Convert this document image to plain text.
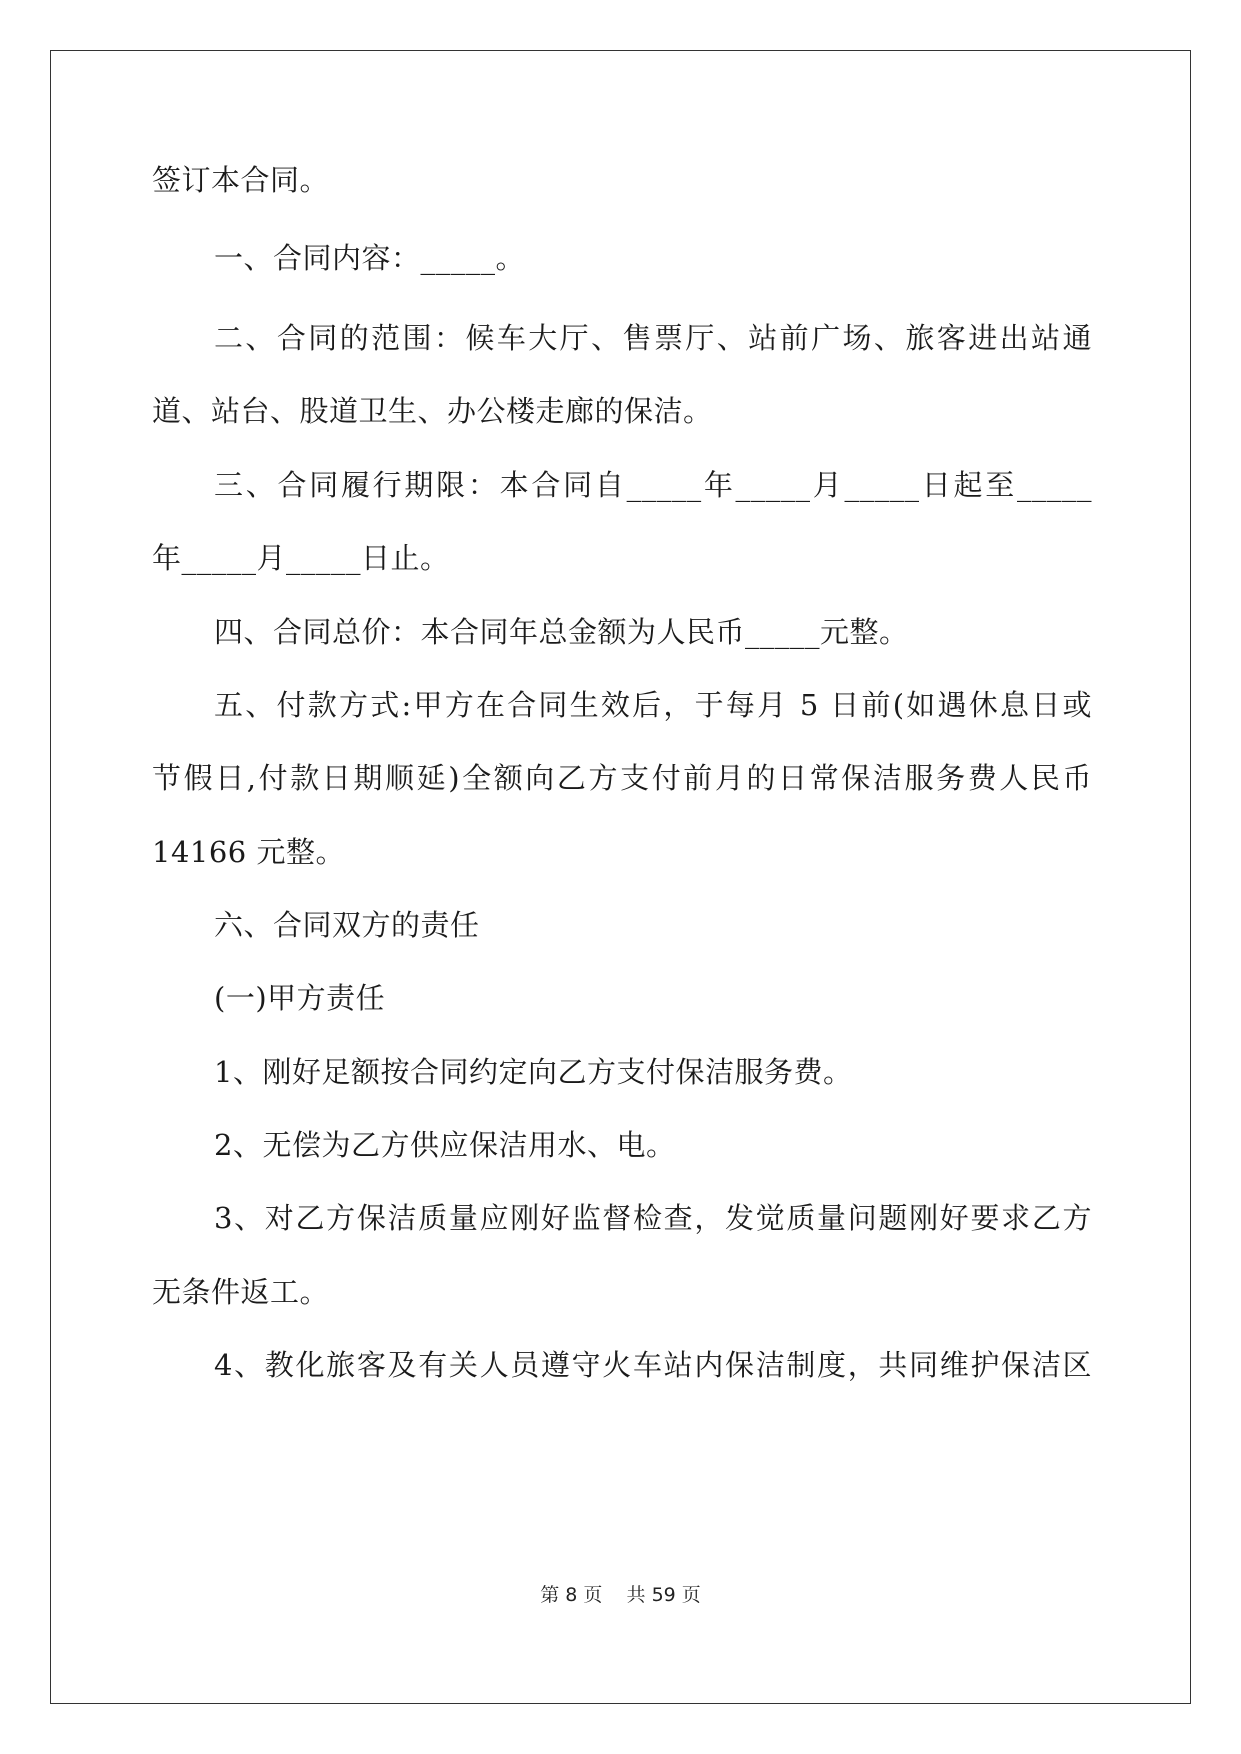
签订本合同。
一、合同内容：_____。
二、合同的范围：候车大厅、售票厅、站前广场、旅客进出站通
道、站台、股道卫生、办公楼走廊的保洁。
三、合同履行期限：本合同自_____年_____月_____日起至_____
年_____月_____日止。
四、合同总价：本合同年总金额为人民币_____元整。
五、付款方式:甲方在合同生效后，于每月 5 日前(如遇休息日或
节假日,付款日期顺延)全额向乙方支付前月的日常保洁服务费人民币
14166 元整。
六、合同双方的责任
(一)甲方责任
1、刚好足额按合同约定向乙方支付保洁服务费。
2、无偿为乙方供应保洁用水、电。
3、对乙方保洁质量应刚好监督检查，发觉质量问题刚好要求乙方
无条件返工。
4、教化旅客及有关人员遵守火车站内保洁制度，共同维护保洁区
第 8 页 共 59 页
